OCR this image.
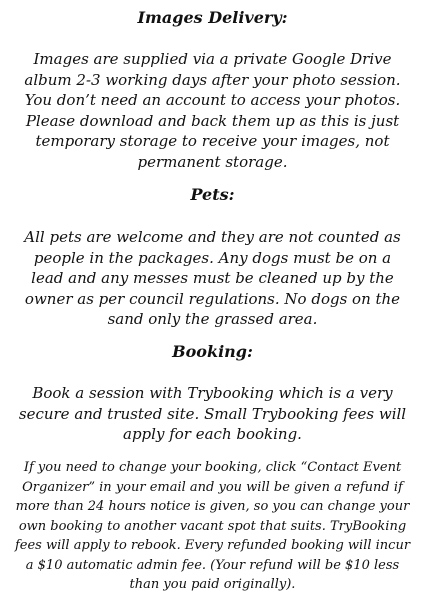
Images Delivery:

Images are supplied via a private Google Drive album 2-3 working days after your photo session. You don’t need an account to access your photos. Please download and back them up as this is just temporary storage to receive your images, not permanent storage.

Pets:

All pets are welcome and they are not counted as people in the packages. Any dogs must be on a lead and any messes must be cleaned up by the owner as per council regulations. No dogs on the sand only the grassed area.

Booking:

Book a session with Trybooking which is a very secure and trusted site. Small Trybooking fees will apply for each booking.

If you need to change your booking, click “Contact Event Organizer” in your email and you will be given a refund if more than 24 hours notice is given, so you can change your own booking to another vacant spot that suits. TryBooking fees will apply to rebook. Every refunded booking will incur a $10 automatic admin fee. (Your refund will be $10 less than you paid originally).
